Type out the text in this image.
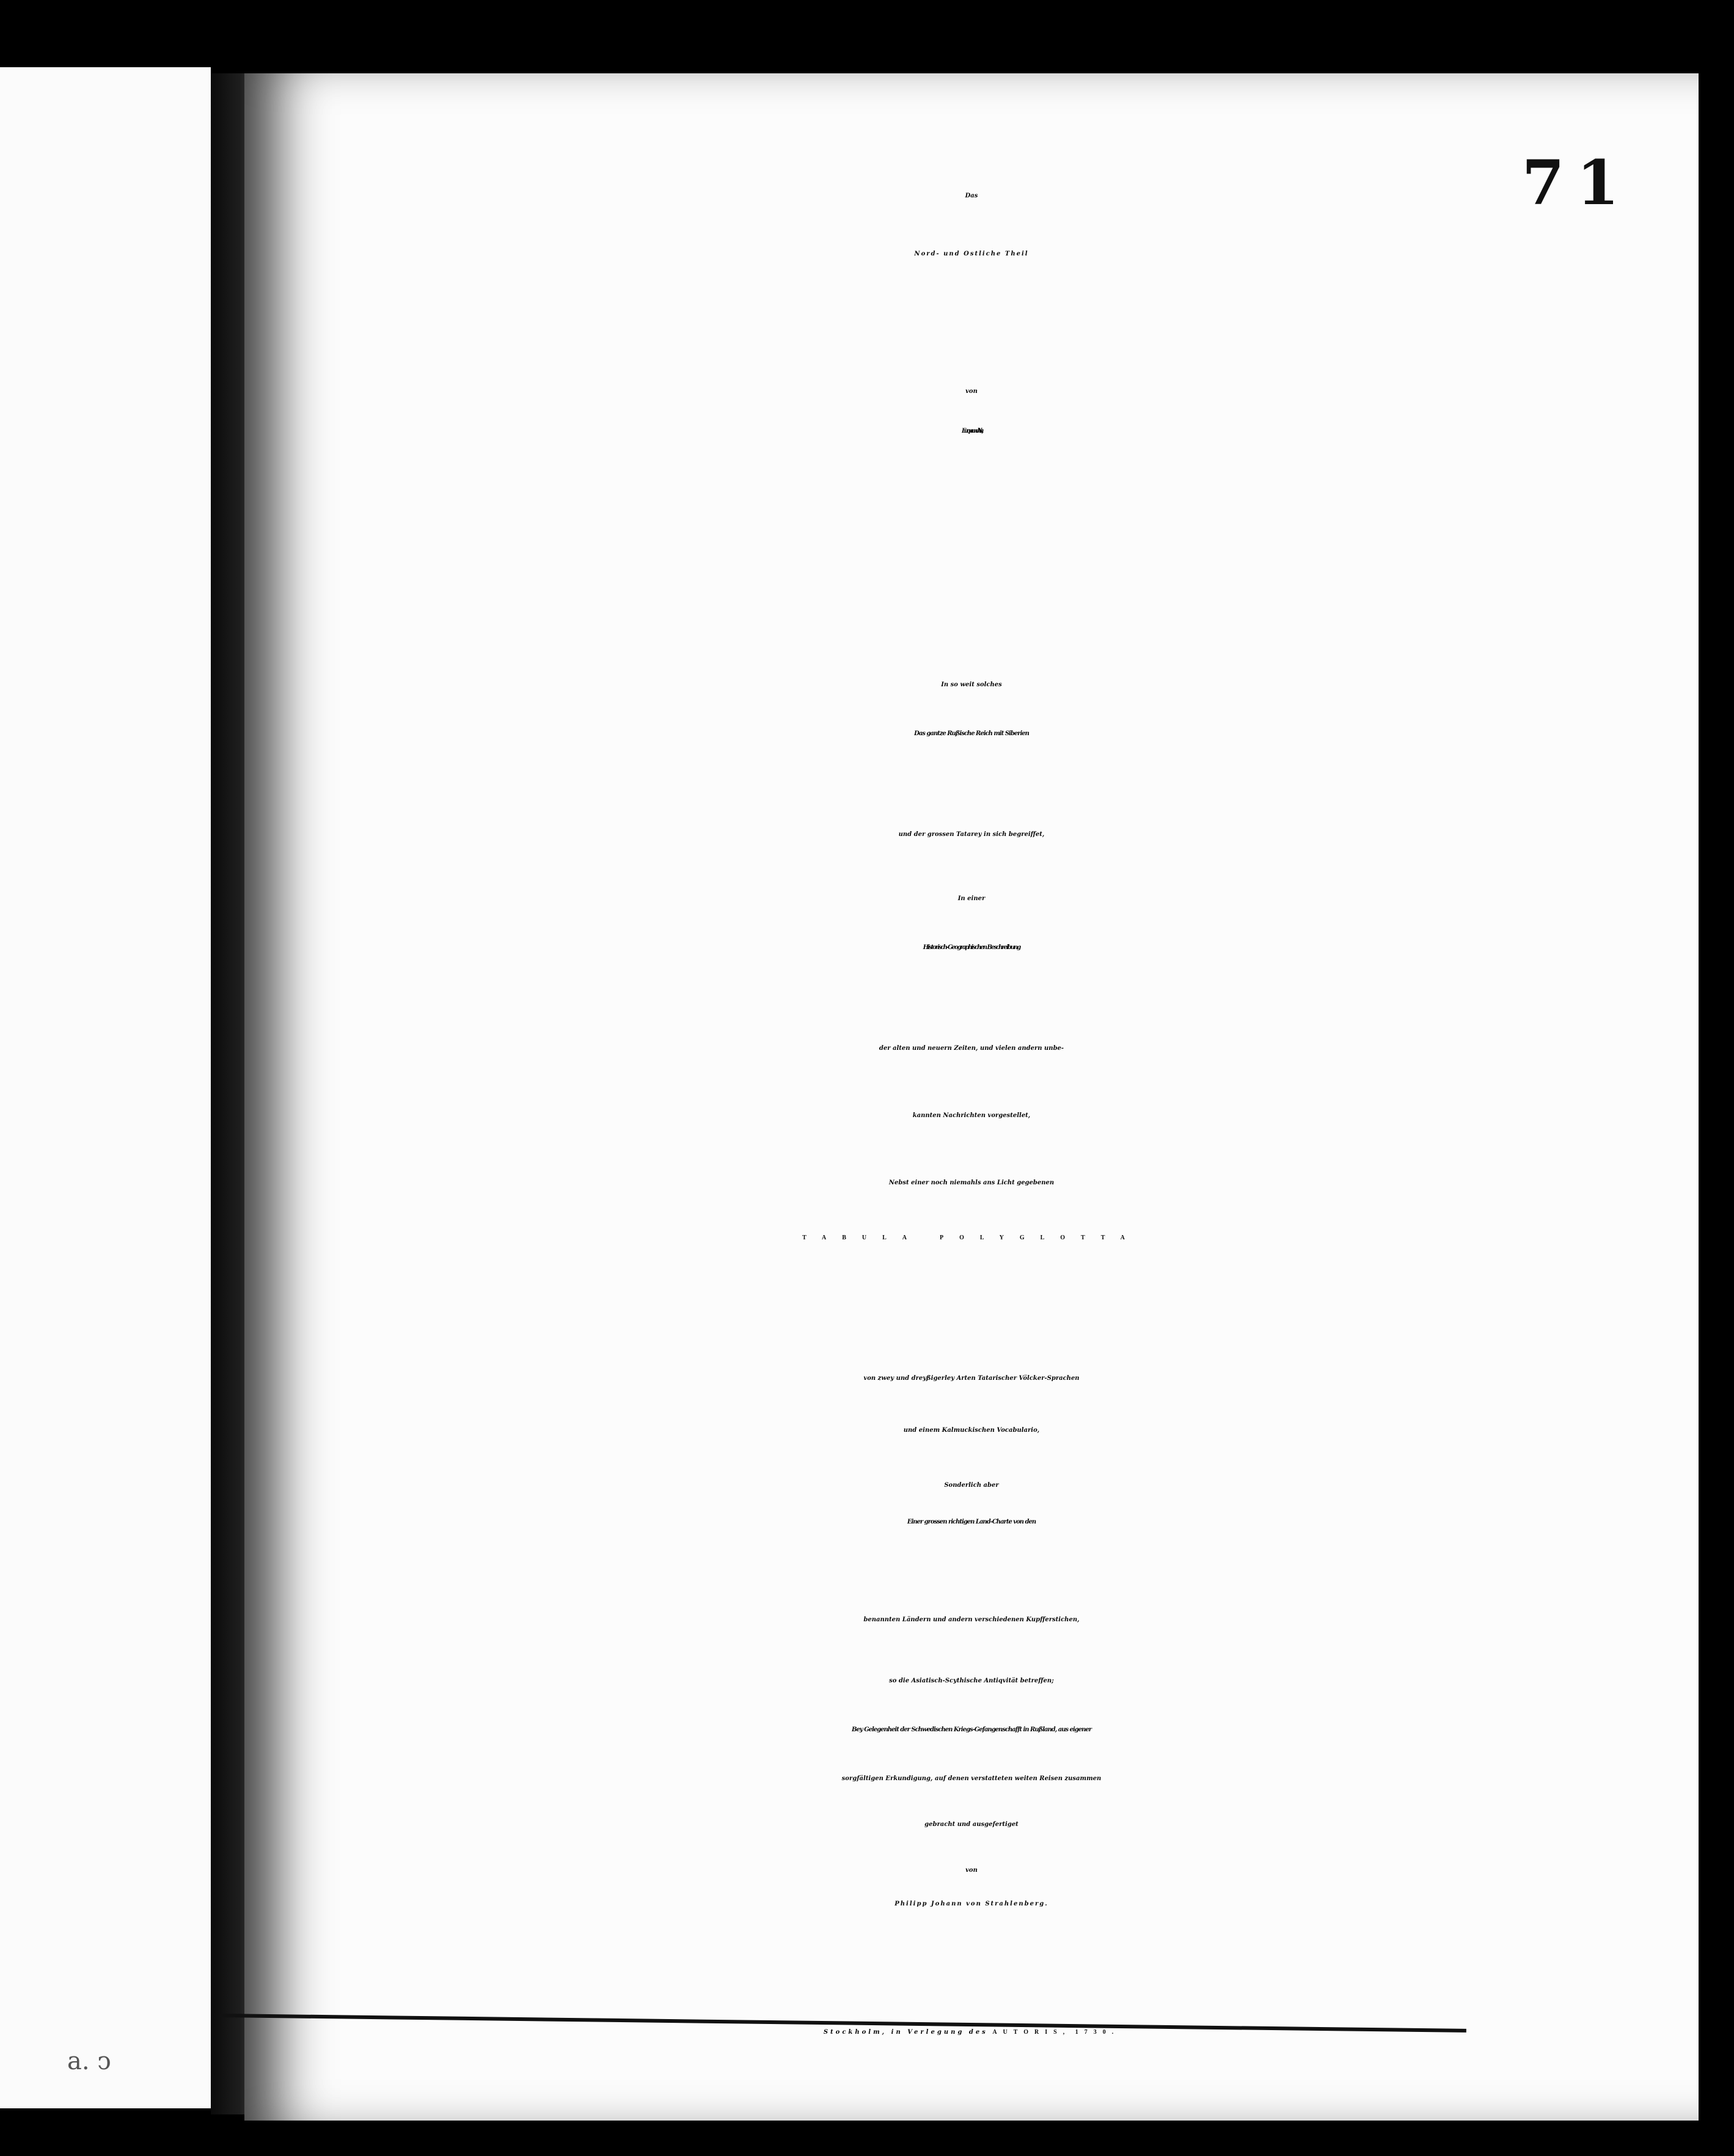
a. ↄ
71
Das
Nord- und Ostliche Theil
von
Europa und Asia,
In so weit solches
Das gantze Rußische Reich mit Siberien
und der grossen Tatarey in sich begreiffet,
In einer
Historisch-Geographischen Beschreibung
der alten und neuern Zeiten, und vielen andern unbe-
kannten Nachrichten vorgestellet,
Nebst einer noch niemahls ans Licht gegebenen
TABULA POLYGLOTTA
von zwey und dreyßigerley Arten Tatarischer Völcker-Sprachen
und einem Kalmuckischen Vocabulario,
Sonderlich aber
Einer grossen richtigen Land-Charte von den
benannten Ländern und andern verschiedenen Kupfferstichen,
so die Asiatisch-Scythische Antiqvität betreffen;
Bey Gelegenheit der Schwedischen Kriegs-Gefangenschafft in Rußland, aus eigener
sorgfältigen Erkundigung, auf denen verstatteten weiten Reisen zusammen
gebracht und ausgefertiget
von
Philipp Johann von Strahlenberg.
Stockholm, in Verlegung des AUTORIS, 1730.
